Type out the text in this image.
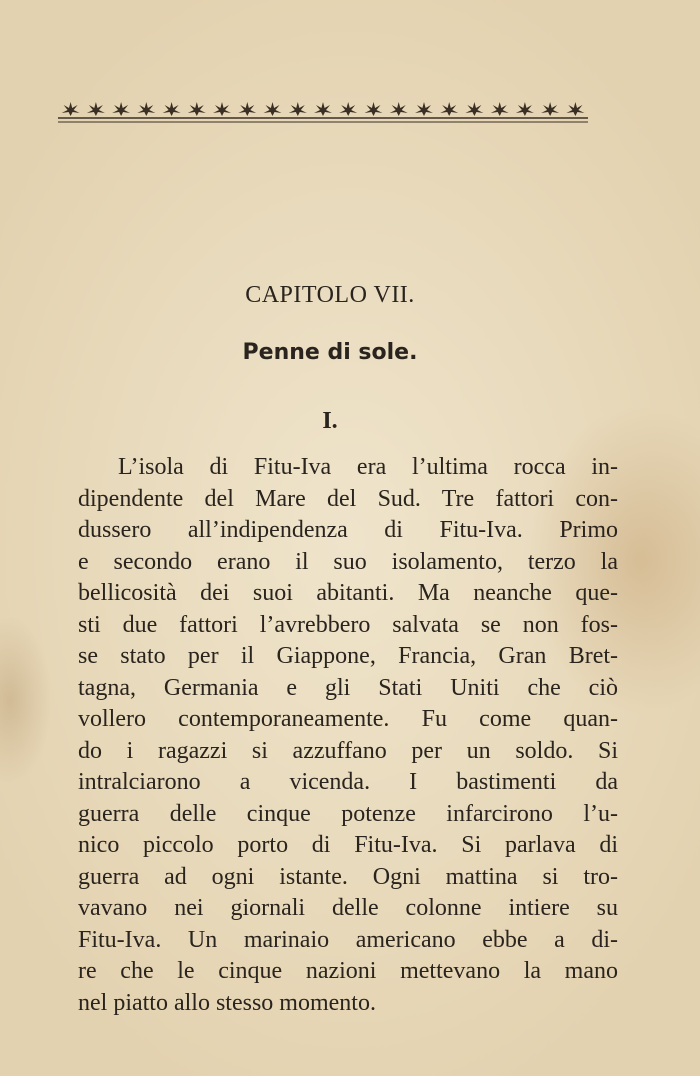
CAPITOLO VII.
Penne di sole.
I.
L’isola di Fitu-Iva era l’ultima rocca in-
dipendente del Mare del Sud. Tre fattori con-
dussero all’indipendenza di Fitu-Iva. Primo
e secondo erano il suo isolamento, terzo la
bellicosità dei suoi abitanti. Ma neanche que-
sti due fattori l’avrebbero salvata se non fos-
se stato per il Giappone, Francia, Gran Bret-
tagna, Germania e gli Stati Uniti che ciò
vollero contemporaneamente. Fu come quan-
do i ragazzi si azzuffano per un soldo. Si
intralciarono a vicenda. I bastimenti da
guerra delle cinque potenze infarcirono l’u-
nico piccolo porto di Fitu-Iva. Si parlava di
guerra ad ogni istante. Ogni mattina si tro-
vavano nei giornali delle colonne intiere su
Fitu-Iva. Un marinaio americano ebbe a di-
re che le cinque nazioni mettevano la mano
nel piatto allo stesso momento.
